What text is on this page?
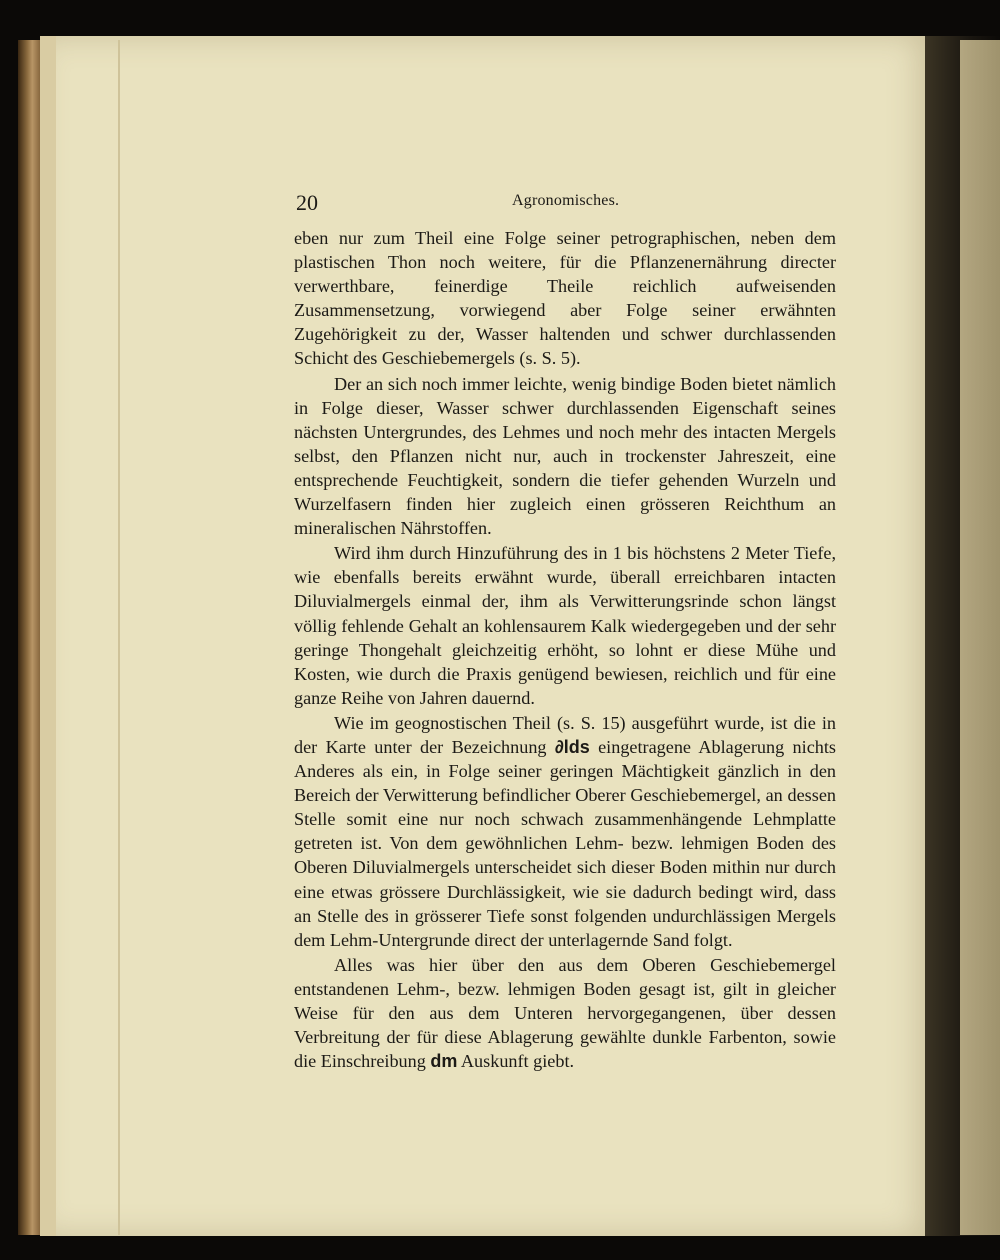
20	Agronomisches.

eben nur zum Theil eine Folge seiner petrographischen, neben dem plastischen Thon noch weitere, für die Pflanzenernährung directer verwerthbare, feinerdige Theile reichlich aufweisenden Zusammensetzung, vorwiegend aber Folge seiner erwähnten Zugehörigkeit zu der, Wasser haltenden und schwer durchlassenden Schicht des Geschiebemergels (s. S. 5).

Der an sich noch immer leichte, wenig bindige Boden bietet nämlich in Folge dieser, Wasser schwer durchlassenden Eigenschaft seines nächsten Untergrundes, des Lehmes und noch mehr des intacten Mergels selbst, den Pflanzen nicht nur, auch in trockenster Jahreszeit, eine entsprechende Feuchtigkeit, sondern die tiefer gehenden Wurzeln und Wurzelfasern finden hier zugleich einen grösseren Reichthum an mineralischen Nährstoffen.

Wird ihm durch Hinzuführung des in 1 bis höchstens 2 Meter Tiefe, wie ebenfalls bereits erwähnt wurde, überall erreichbaren intacten Diluvialmergels einmal der, ihm als Verwitterungsrinde schon längst völlig fehlende Gehalt an kohlensaurem Kalk wiedergegeben und der sehr geringe Thongehalt gleichzeitig erhöht, so lohnt er diese Mühe und Kosten, wie durch die Praxis genügend bewiesen, reichlich und für eine ganze Reihe von Jahren dauernd.

Wie im geognostischen Theil (s. S. 15) ausgeführt wurde, ist die in der Karte unter der Bezeichnung ∂lds eingetragene Ablagerung nichts Anderes als ein, in Folge seiner geringen Mächtigkeit gänzlich in den Bereich der Verwitterung befindlicher Oberer Geschiebemergel, an dessen Stelle somit eine nur noch schwach zusammenhängende Lehmplatte getreten ist. Von dem gewöhnlichen Lehm- bezw. lehmigen Boden des Oberen Diluvialmergels unterscheidet sich dieser Boden mithin nur durch eine etwas grössere Durchlässigkeit, wie sie dadurch bedingt wird, dass an Stelle des in grösserer Tiefe sonst folgenden undurchlässigen Mergels dem Lehm-Untergrunde direct der unterlagernde Sand folgt.

Alles was hier über den aus dem Oberen Geschiebemergel entstandenen Lehm-, bezw. lehmigen Boden gesagt ist, gilt in gleicher Weise für den aus dem Unteren hervorgegangenen, über dessen Verbreitung der für diese Ablagerung gewählte dunkle Farbenton, sowie die Einschreibung dm Auskunft giebt.
